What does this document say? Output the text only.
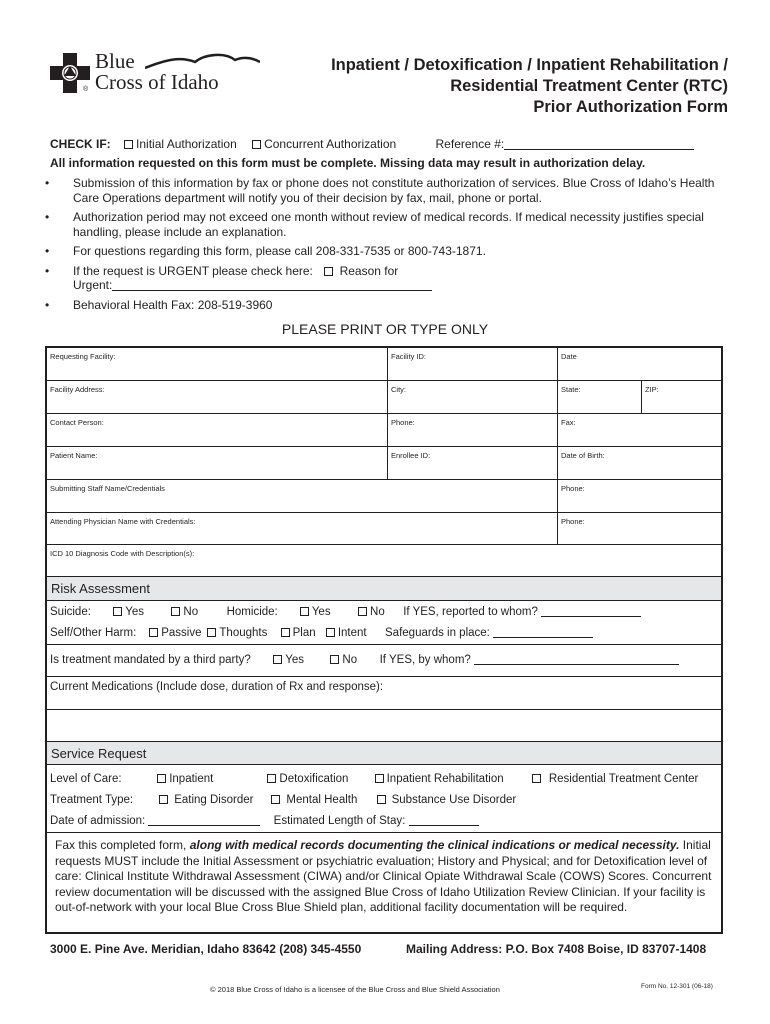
Blue
Cross of Idaho
®
Inpatient / Detoxification / Inpatient Rehabilitation /
Residential Treatment Center (RTC)
Prior Authorization Form
CHECK IF: Initial Authorization Concurrent Authorization	Reference #:
All information requested on this form must be complete. Missing data may result in authorization delay.
• Submission of this information by fax or phone does not constitute authorization of services. Blue Cross of Idaho’s Health Care Operations department will notify you of their decision by fax, mail, phone or portal.
• Authorization period may not exceed one month without review of medical records. If medical necessity justifies special handling, please include an explanation.
• For questions regarding this form, please call 208-331-7535 or 800-743-1871.
• If the request is URGENT please check here: Reason for
Urgent:
• Behavioral Health Fax: 208-519-3960
PLEASE PRINT OR TYPE ONLY
Requesting Facility:	Facility ID:	Date
Facility Address:	City:	State:	ZIP:
Contact Person:	Phone:	Fax:
Patient Name:	Enrollee ID:	Date of Birth:
Submitting Staff Name/Credentials	Phone:
Attending Physician Name with Credentials:	Phone:
ICD 10 Diagnosis Code with Description(s):
Risk Assessment
Suicide:	Yes	No Homicide:	Yes	No If YES, reported to whom?
Self/Other Harm: Passive Thoughts Plan Intent Safeguards in place:
Is treatment mandated by a third party?	Yes	No If YES, by whom?
Current Medications (Include dose, duration of Rx and response):
Service Request
Level of Care:	Inpatient	Detoxification	Inpatient Rehabilitation	Residential Treatment Center
Treatment Type:	Eating Disorder	Mental Health	Substance Use Disorder
Date of admission:	Estimated Length of Stay:
Fax this completed form, along with medical records documenting the clinical indications or medical necessity. Initial requests MUST include the Initial Assessment or psychiatric evaluation; History and Physical; and for Detoxification level of care: Clinical Institute Withdrawal Assessment (CIWA) and/or Clinical Opiate Withdrawal Scale (COWS) Scores. Concurrent review documentation will be discussed with the assigned Blue Cross of Idaho Utilization Review Clinician. If your facility is out-of-network with your local Blue Cross Blue Shield plan, additional facility documentation will be required.
3000 E. Pine Ave. Meridian, Idaho 83642 (208) 345-4550	Mailing Address: P.O. Box 7408 Boise, ID 83707-1408
© 2018 Blue Cross of Idaho is a licensee of the Blue Cross and Blue Shield Association	Form No. 12-301 (06-18)
